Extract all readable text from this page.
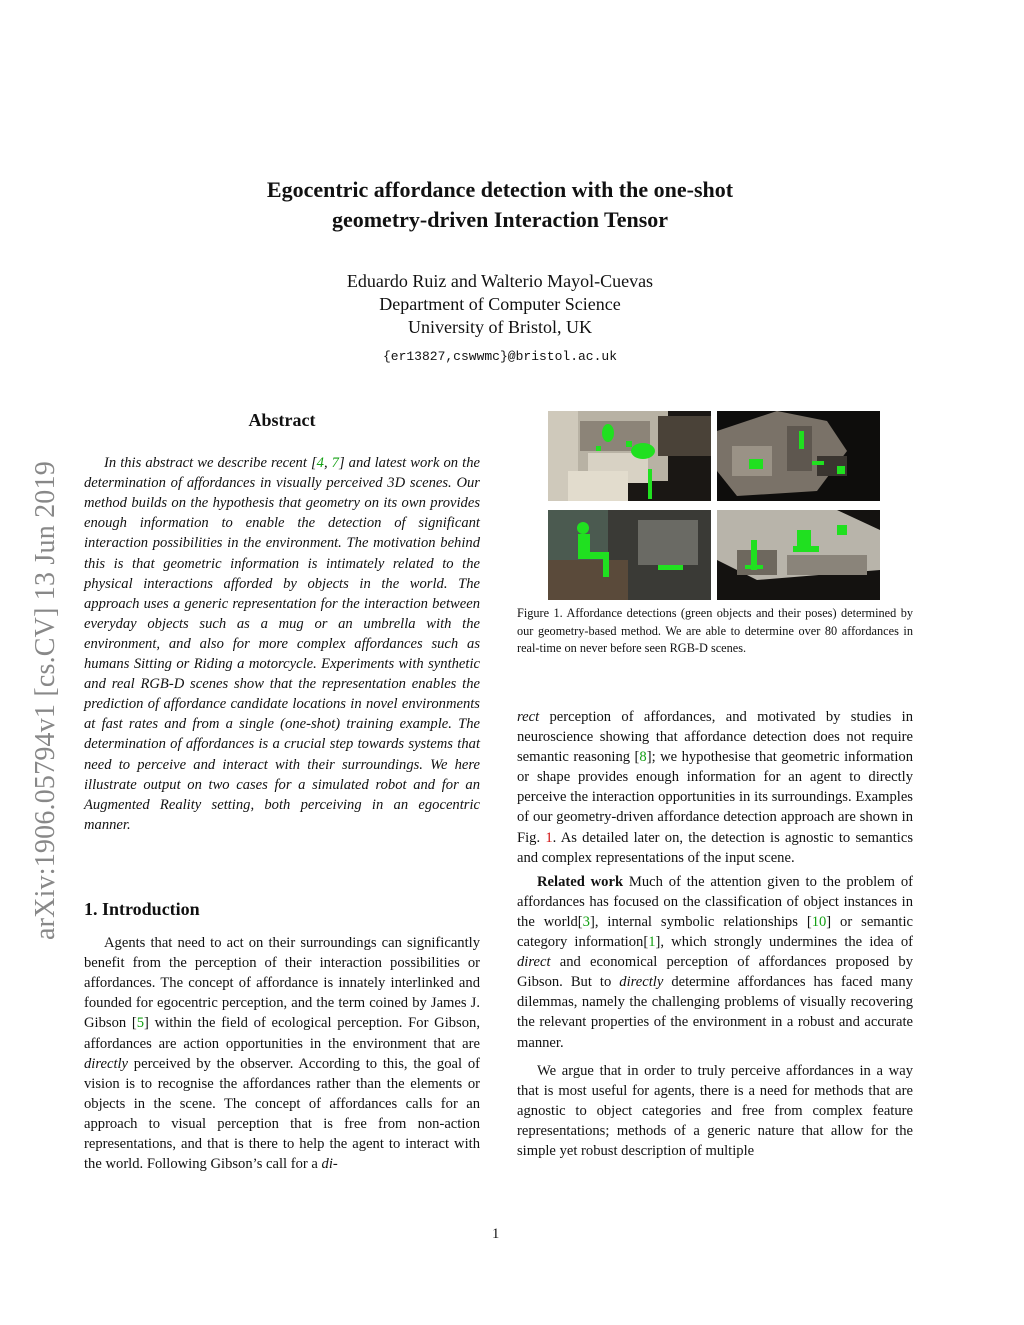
arXiv:1906.05794v1 [cs.CV] 13 Jun 2019
Egocentric affordance detection with the one-shot
geometry-driven Interaction Tensor
Eduardo Ruiz and Walterio Mayol-Cuevas
Department of Computer Science
University of Bristol, UK
{er13827,cswwmc}@bristol.ac.uk
Abstract

In this abstract we describe recent [4, 7] and latest work on the determination of affordances in visually perceived 3D scenes. Our method builds on the hypothesis that geometry on its own provides enough information to enable the detection of significant interaction possibilities in the environment. The motivation behind this is that geometric information is intimately related to the physical interactions afforded by objects in the world. The approach uses a generic representation for the interaction between everyday objects such as a mug or an umbrella with the environment, and also for more complex affordances such as humans Sitting or Riding a motorcycle. Experiments with synthetic and real RGB-D scenes show that the representation enables the prediction of affordance candidate locations in novel environments at fast rates and from a single (one-shot) training example. The determination of affordances is a crucial step towards systems that need to perceive and interact with their surroundings. We here illustrate output on two cases for a simulated robot and for an Augmented Reality setting, both perceiving in an egocentric manner.

1. Introduction

Agents that need to act on their surroundings can significantly benefit from the perception of their interaction possibilities or affordances. The concept of affordance is innately interlinked and founded for egocentric perception, and the term coined by James J. Gibson [5] within the field of ecological perception. For Gibson, affordances are action opportunities in the environment that are directly perceived by the observer. According to this, the goal of vision is to recognise the affordances rather than the elements or objects in the scene. The concept of affordances calls for an approach to visual perception that is free from non-action representations, and that is there to help the agent to interact with the world. Following Gibson’s call for a di-

Figure 1. Affordance detections (green objects and their poses) determined by our geometry-based method. We are able to determine over 80 affordances in real-time on never before seen RGB-D scenes.

rect perception of affordances, and motivated by studies in neuroscience showing that affordance detection does not require semantic reasoning [8]; we hypothesise that geometric information or shape provides enough information for an agent to directly perceive the interaction opportunities in its surroundings. Examples of our geometry-driven affordance detection approach are shown in Fig. 1. As detailed later on, the detection is agnostic to semantics and complex representations of the input scene.

Related work Much of the attention given to the problem of affordances has focused on the classification of object instances in the world[3], internal symbolic relationships [10] or semantic category information[1], which strongly undermines the idea of direct and economical perception of affordances proposed by Gibson. But to directly determine affordances has faced many dilemmas, namely the challenging problems of visually recovering the relevant properties of the environment in a robust and accurate manner.

We argue that in order to truly perceive affordances in a way that is most useful for agents, there is a need for methods that are agnostic to object categories and free from complex feature representations; methods of a generic nature that allow for the simple yet robust description of multiple

1
